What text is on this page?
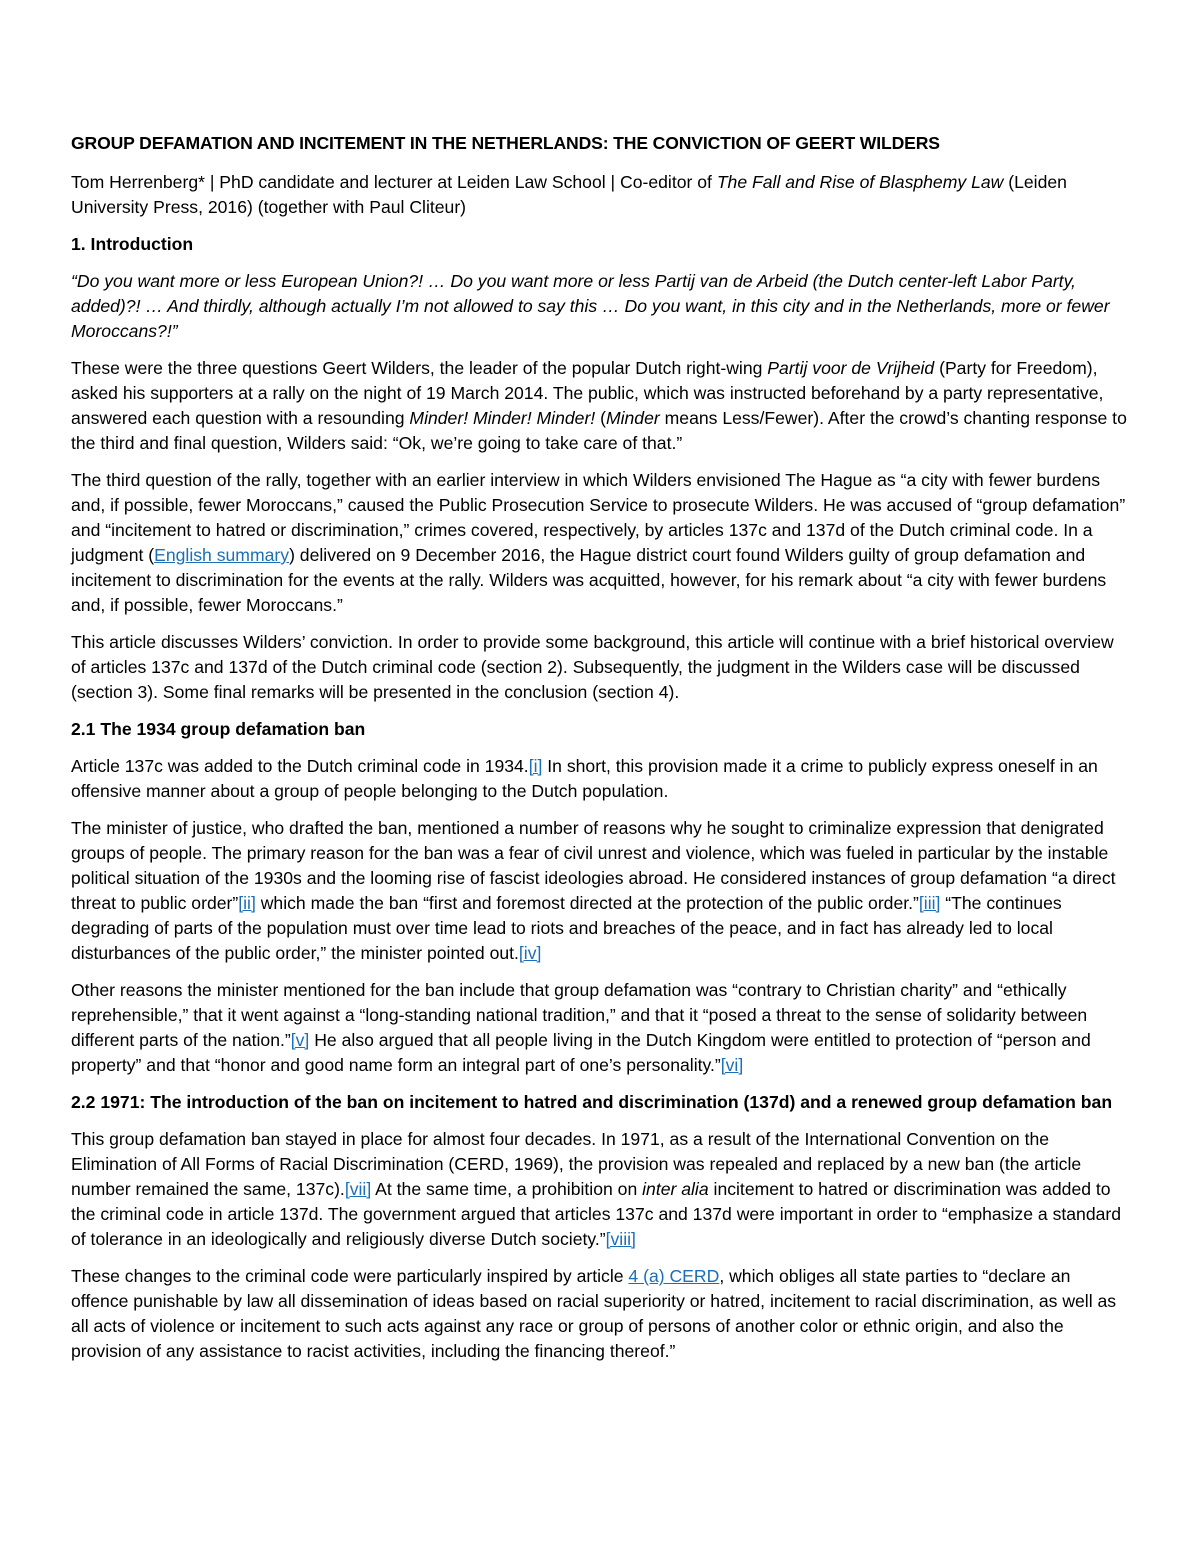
GROUP DEFAMATION AND INCITEMENT IN THE NETHERLANDS: THE CONVICTION OF GEERT WILDERS

Tom Herrenberg* | PhD candidate and lecturer at Leiden Law School | Co-editor of The Fall and Rise of Blasphemy Law (Leiden University Press, 2016) (together with Paul Cliteur)

1. Introduction

“Do you want more or less European Union?! … Do you want more or less Partij van de Arbeid (the Dutch center-left Labor Party, added)?! … And thirdly, although actually I’m not allowed to say this … Do you want, in this city and in the Netherlands, more or fewer Moroccans?!”

These were the three questions Geert Wilders, the leader of the popular Dutch right-wing Partij voor de Vrijheid (Party for Freedom), asked his supporters at a rally on the night of 19 March 2014. The public, which was instructed beforehand by a party representative, answered each question with a resounding Minder! Minder! Minder! (Minder means Less/Fewer). After the crowd’s chanting response to the third and final question, Wilders said: “Ok, we’re going to take care of that.”

The third question of the rally, together with an earlier interview in which Wilders envisioned The Hague as “a city with fewer burdens and, if possible, fewer Moroccans,” caused the Public Prosecution Service to prosecute Wilders. He was accused of “group defamation” and “incitement to hatred or discrimination,” crimes covered, respectively, by articles 137c and 137d of the Dutch criminal code. In a judgment (English summary) delivered on 9 December 2016, the Hague district court found Wilders guilty of group defamation and incitement to discrimination for the events at the rally. Wilders was acquitted, however, for his remark about “a city with fewer burdens and, if possible, fewer Moroccans.”

This article discusses Wilders’ conviction. In order to provide some background, this article will continue with a brief historical overview of articles 137c and 137d of the Dutch criminal code (section 2). Subsequently, the judgment in the Wilders case will be discussed (section 3). Some final remarks will be presented in the conclusion (section 4).

2.1 The 1934 group defamation ban

Article 137c was added to the Dutch criminal code in 1934.[i] In short, this provision made it a crime to publicly express oneself in an offensive manner about a group of people belonging to the Dutch population.

The minister of justice, who drafted the ban, mentioned a number of reasons why he sought to criminalize expression that denigrated groups of people. The primary reason for the ban was a fear of civil unrest and violence, which was fueled in particular by the instable political situation of the 1930s and the looming rise of fascist ideologies abroad. He considered instances of group defamation “a direct threat to public order”[ii] which made the ban “first and foremost directed at the protection of the public order.”[iii] “The continues degrading of parts of the population must over time lead to riots and breaches of the peace, and in fact has already led to local disturbances of the public order,” the minister pointed out.[iv]

Other reasons the minister mentioned for the ban include that group defamation was “contrary to Christian charity” and “ethically reprehensible,” that it went against a “long-standing national tradition,” and that it “posed a threat to the sense of solidarity between different parts of the nation.”[v] He also argued that all people living in the Dutch Kingdom were entitled to protection of “person and property” and that “honor and good name form an integral part of one’s personality.”[vi]

2.2 1971: The introduction of the ban on incitement to hatred and discrimination (137d) and a renewed group defamation ban

This group defamation ban stayed in place for almost four decades. In 1971, as a result of the International Convention on the Elimination of All Forms of Racial Discrimination (CERD, 1969), the provision was repealed and replaced by a new ban (the article number remained the same, 137c).[vii] At the same time, a prohibition on inter alia incitement to hatred or discrimination was added to the criminal code in article 137d. The government argued that articles 137c and 137d were important in order to “emphasize a standard of tolerance in an ideologically and religiously diverse Dutch society.”[viii]

These changes to the criminal code were particularly inspired by article 4 (a) CERD, which obliges all state parties to “declare an offence punishable by law all dissemination of ideas based on racial superiority or hatred, incitement to racial discrimination, as well as all acts of violence or incitement to such acts against any race or group of persons of another color or ethnic origin, and also the provision of any assistance to racist activities, including the financing thereof.”
